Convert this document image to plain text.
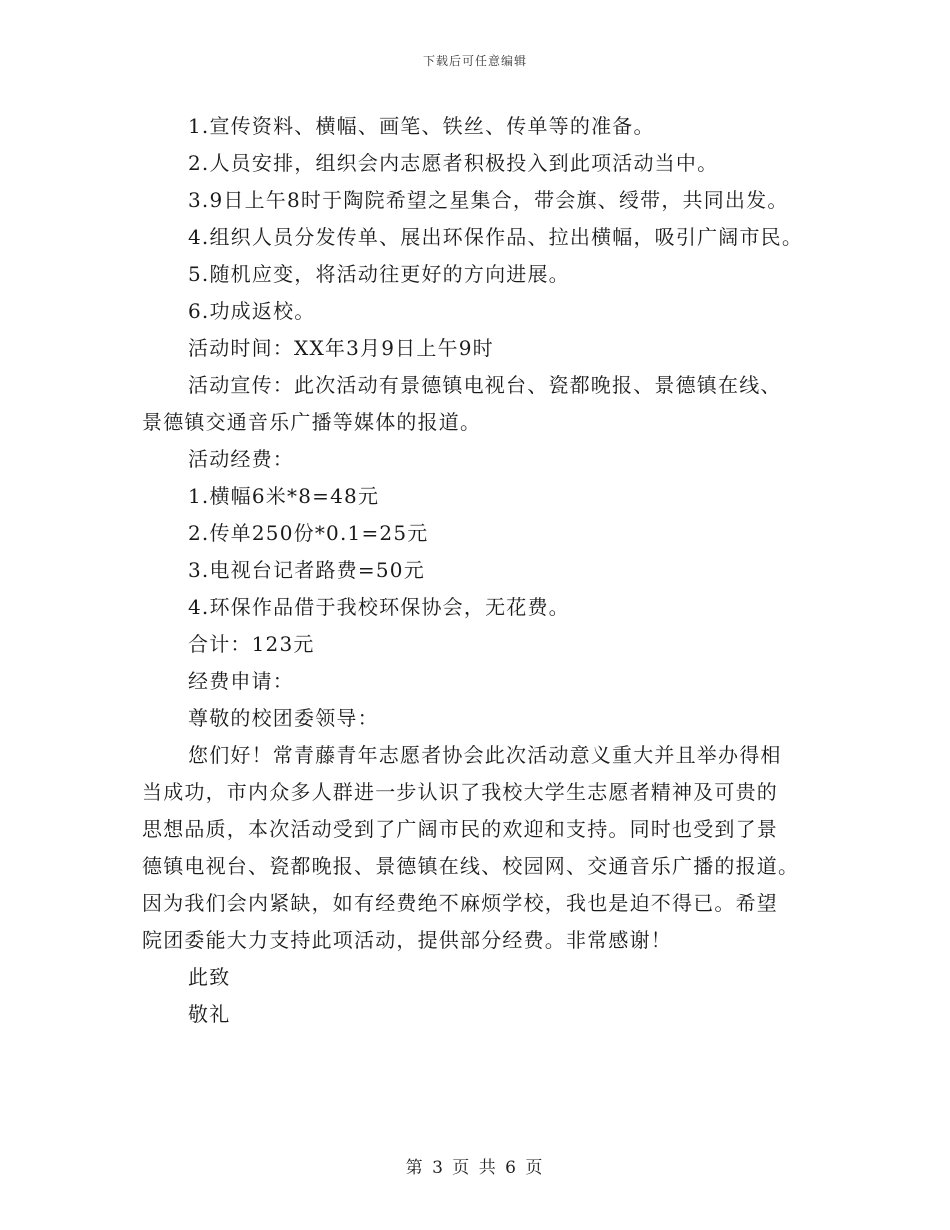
下载后可任意编辑
1.宣传资料、横幅、画笔、铁丝、传单等的准备。
2.人员安排，组织会内志愿者积极投入到此项活动当中。
3.9日上午8时于陶院希望之星集合，带会旗、绶带，共同出发。
4.组织人员分发传单、展出环保作品、拉出横幅，吸引广阔市民。
5.随机应变，将活动往更好的方向进展。
6.功成返校。
活动时间：XX年3月9日上午9时
活动宣传：此次活动有景德镇电视台、瓷都晚报、景德镇在线、
景德镇交通音乐广播等媒体的报道。
活动经费：
1.横幅6米*8=48元
2.传单250份*0.1=25元
3.电视台记者路费=50元
4.环保作品借于我校环保协会，无花费。
合计：123元
经费申请：
尊敬的校团委领导：
您们好！常青藤青年志愿者协会此次活动意义重大并且举办得相
当成功，市内众多人群进一步认识了我校大学生志愿者精神及可贵的
思想品质，本次活动受到了广阔市民的欢迎和支持。同时也受到了景
德镇电视台、瓷都晚报、景德镇在线、校园网、交通音乐广播的报道。
因为我们会内紧缺，如有经费绝不麻烦学校，我也是迫不得已。希望
院团委能大力支持此项活动，提供部分经费。非常感谢！
此致
敬礼
第 3 页 共 6 页
